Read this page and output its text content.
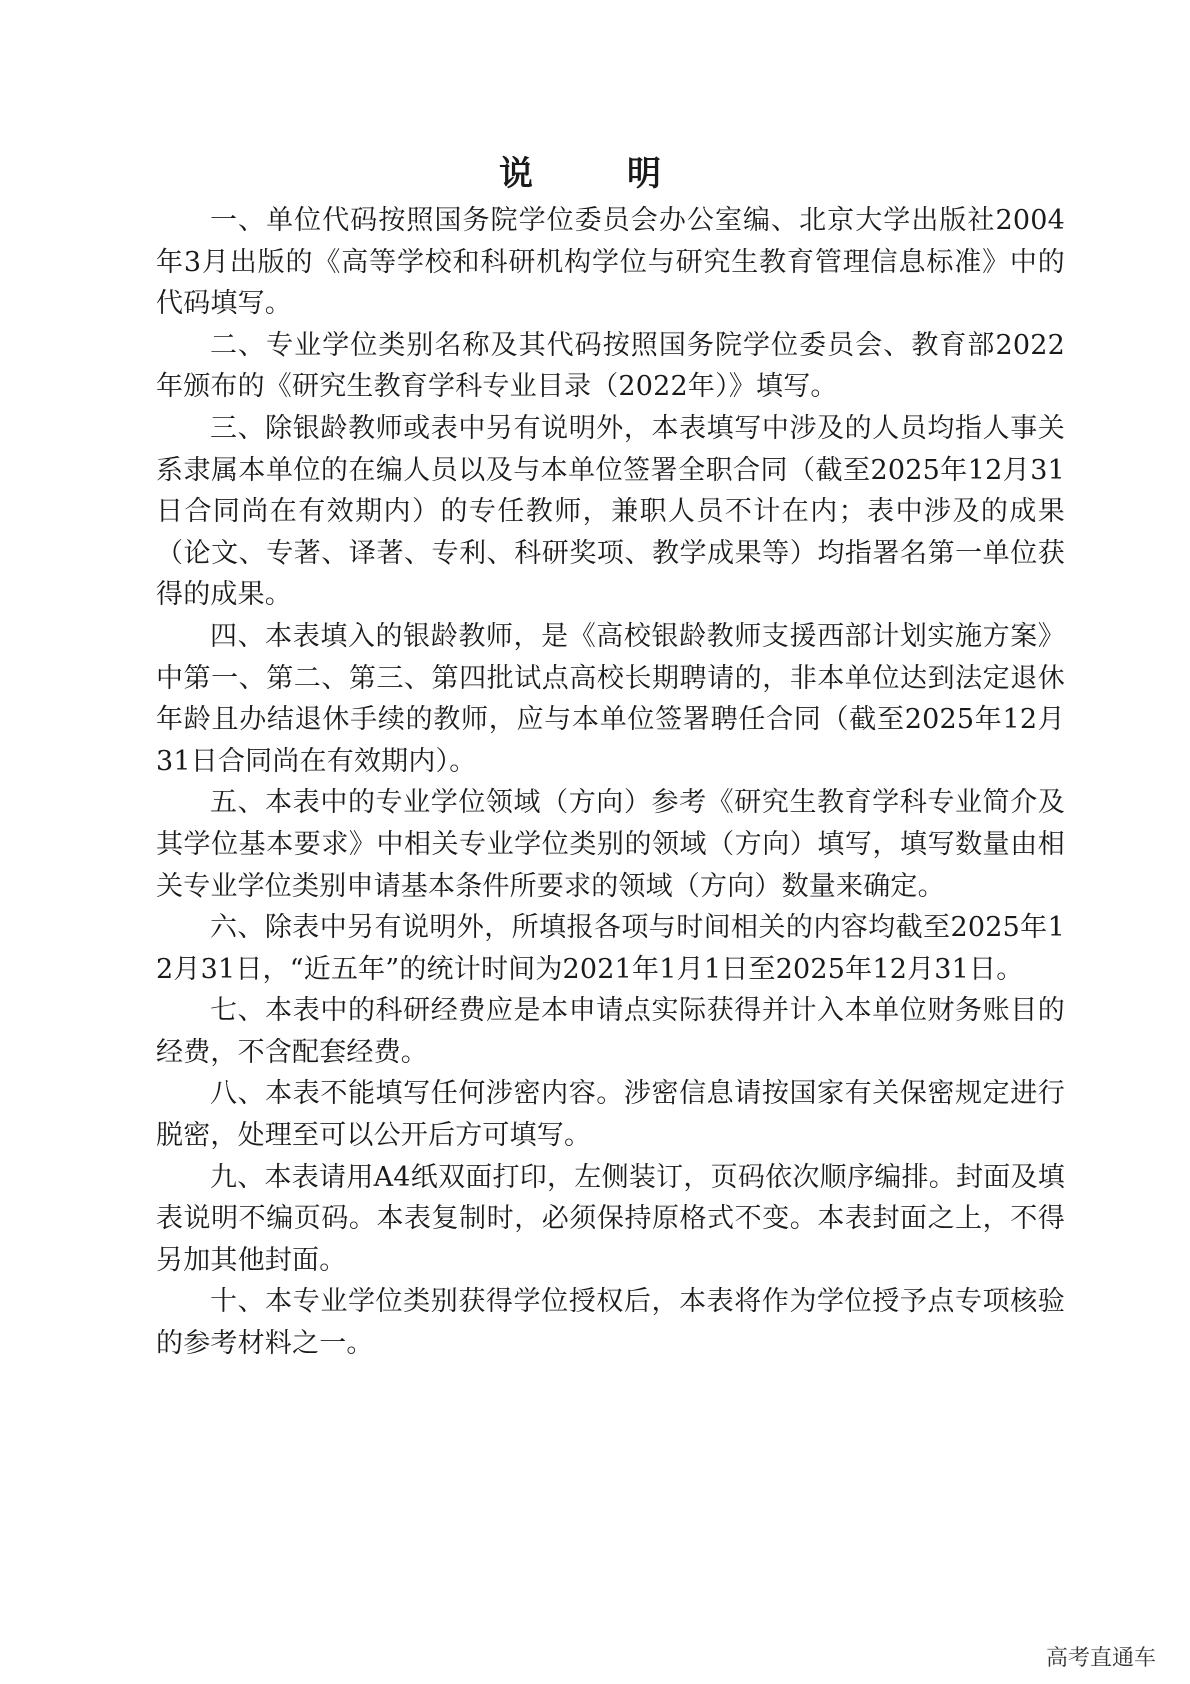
说　明

一、单位代码按照国务院学位委员会办公室编、北京大学出版社2004年3月出版的《高等学校和科研机构学位与研究生教育管理信息标准》中的代码填写。

二、专业学位类别名称及其代码按照国务院学位委员会、教育部2022年颁布的《研究生教育学科专业目录（2022年）》填写。

三、除银龄教师或表中另有说明外，本表填写中涉及的人员均指人事关系隶属本单位的在编人员以及与本单位签署全职合同（截至2025年12月31日合同尚在有效期内）的专任教师，兼职人员不计在内；表中涉及的成果（论文、专著、译著、专利、科研奖项、教学成果等）均指署名第一单位获得的成果。

四、本表填入的银龄教师，是《高校银龄教师支援西部计划实施方案》中第一、第二、第三、第四批试点高校长期聘请的，非本单位达到法定退休年龄且办结退休手续的教师，应与本单位签署聘任合同（截至2025年12月31日合同尚在有效期内）。

五、本表中的专业学位领域（方向）参考《研究生教育学科专业简介及其学位基本要求》中相关专业学位类别的领域（方向）填写，填写数量由相关专业学位类别申请基本条件所要求的领域（方向）数量来确定。

六、除表中另有说明外，所填报各项与时间相关的内容均截至2025年12月31日，“近五年”的统计时间为2021年1月1日至2025年12月31日。

七、本表中的科研经费应是本申请点实际获得并计入本单位财务账目的经费，不含配套经费。

八、本表不能填写任何涉密内容。涉密信息请按国家有关保密规定进行脱密，处理至可以公开后方可填写。

九、本表请用A4纸双面打印，左侧装订，页码依次顺序编排。封面及填表说明不编页码。本表复制时，必须保持原格式不变。本表封面之上，不得另加其他封面。

十、本专业学位类别获得学位授权后，本表将作为学位授予点专项核验的参考材料之一。

高考直通车
